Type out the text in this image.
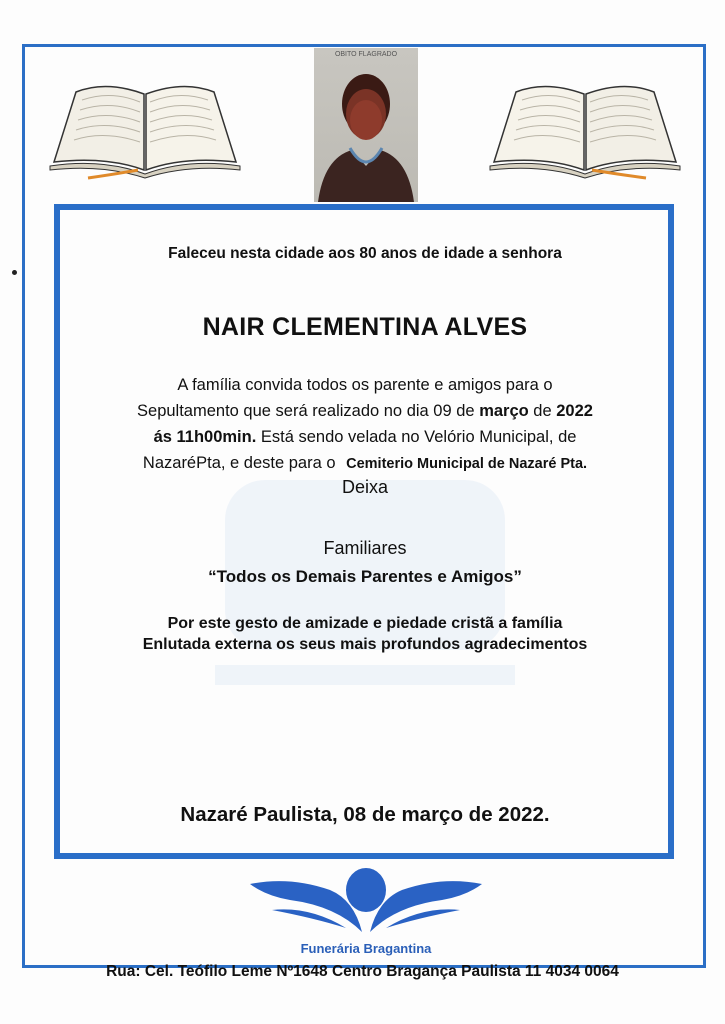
OBITO FLAGRADO
Faleceu nesta cidade aos 80 anos de idade a senhora
NAIR CLEMENTINA ALVES
A família convida todos os parente e amigos para o
Sepultamento que será realizado no dia 09 de março de 2022
ás 11h00min. Está sendo velada no Velório Municipal, de
NazaréPta, e deste para o Cemiterio Municipal de Nazaré Pta.
Deixa
Familiares
“Todos os Demais Parentes e Amigos”
Por este gesto de amizade e piedade cristã a família
Enlutada externa os seus mais profundos agradecimentos
Nazaré Paulista, 08 de março de 2022.
Funerária Bragantina
Rua: Cel. Teófilo Leme Nº1648 Centro Bragança Paulista 11 4034 0064
